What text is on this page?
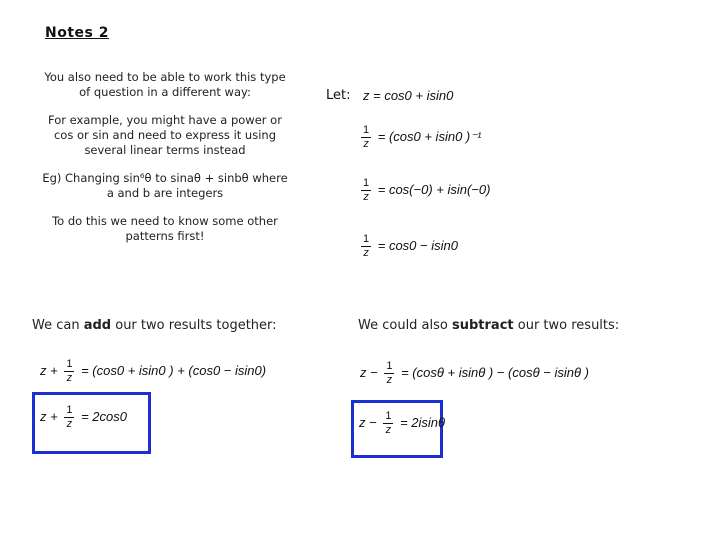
Notes 2
You also need to be able to work this type of question in a different way:
For example, you might have a power or cos or sin and need to express it using several linear terms instead
Eg) Changing sin⁶θ to sinaθ + sinbθ where a and b are integers
To do this we need to know some other patterns first!
Let: z = cos0 + isin0
$\frac{1}{z} = (\cos 0 + isin0$ )⁻¹
$\frac{1}{z} = \cos(-0) + isin(-0)$
$\frac{1}{z} = \cos 0 - isin0$
We can add our two results together:
$z + \frac{1}{z} = (\cos 0 + isin0$ ) + (cos0 − isin0)
$z + \frac{1}{z} = 2\cos 0$
We could also subtract our two results:
$z - \frac{1}{z} = (\cos\theta + isin\theta$ ) − (cosθ − isinθ )
$z - \frac{1}{z} = 2isin\theta$
